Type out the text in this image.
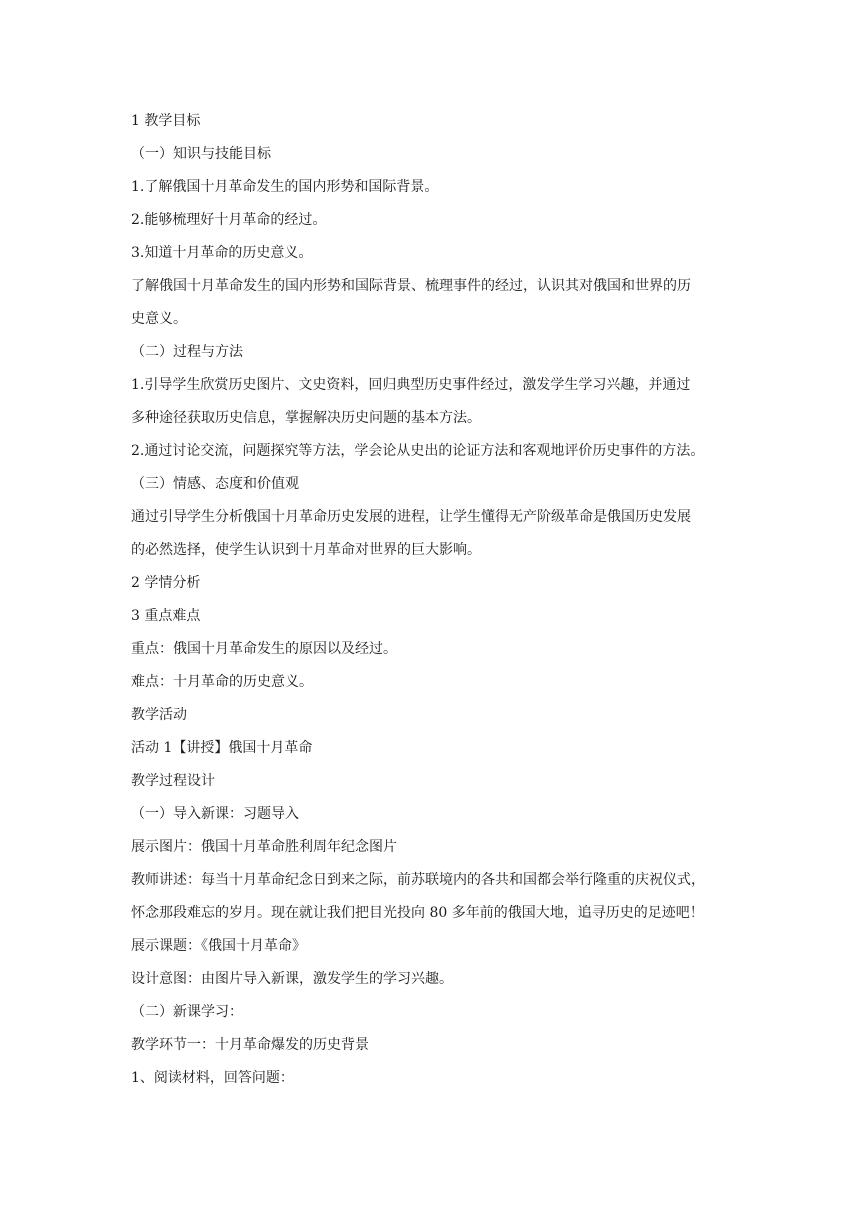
1 教学目标

（一）知识与技能目标

1.了解俄国十月革命发生的国内形势和国际背景。

2.能够梳理好十月革命的经过。

3.知道十月革命的历史意义。

了解俄国十月革命发生的国内形势和国际背景、梳理事件的经过，认识其对俄国和世界的历

史意义。

（二）过程与方法

1.引导学生欣赏历史图片、文史资料，回归典型历史事件经过，激发学生学习兴趣，并通过

多种途径获取历史信息，掌握解决历史问题的基本方法。

2.通过讨论交流，问题探究等方法，学会论从史出的论证方法和客观地评价历史事件的方法。

（三）情感、态度和价值观

通过引导学生分析俄国十月革命历史发展的进程，让学生懂得无产阶级革命是俄国历史发展

的必然选择，使学生认识到十月革命对世界的巨大影响。

2 学情分析

3 重点难点

重点：俄国十月革命发生的原因以及经过。

难点：十月革命的历史意义。

教学活动

活动 1【讲授】俄国十月革命

教学过程设计

（一）导入新课：习题导入

展示图片：俄国十月革命胜利周年纪念图片

教师讲述：每当十月革命纪念日到来之际，前苏联境内的各共和国都会举行隆重的庆祝仪式，

怀念那段难忘的岁月。现在就让我们把目光投向 80 多年前的俄国大地，追寻历史的足迹吧！

展示课题：《俄国十月革命》

设计意图：由图片导入新课，激发学生的学习兴趣。

（二）新课学习：

教学环节一：十月革命爆发的历史背景

1、阅读材料，回答问题：
